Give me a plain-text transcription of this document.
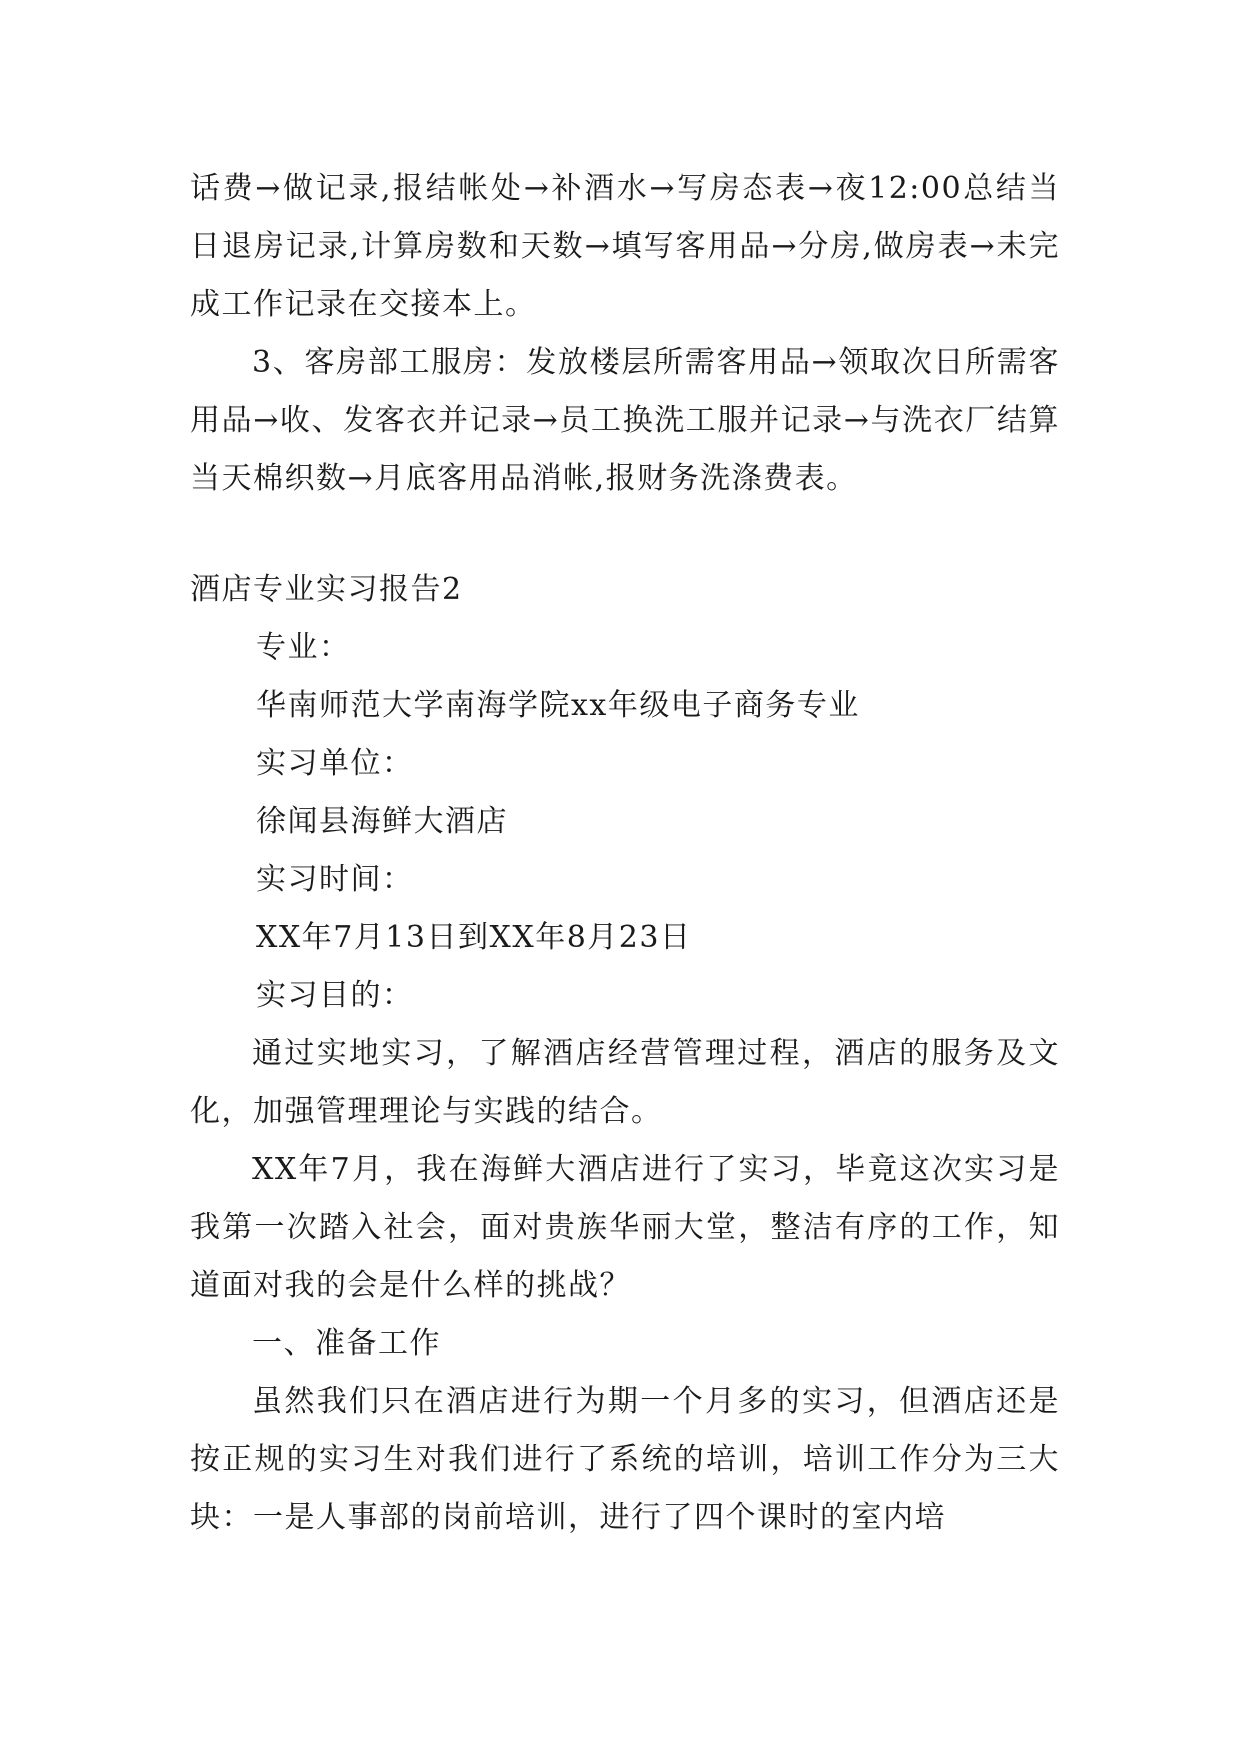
话费→做记录,报结帐处→补酒水→写房态表→夜12:00总结当日退房记录,计算房数和天数→填写客用品→分房,做房表→未完成工作记录在交接本上。

3、客房部工服房：发放楼层所需客用品→领取次日所需客用品→收、发客衣并记录→员工换洗工服并记录→与洗衣厂结算当天棉织数→月底客用品消帐,报财务洗涤费表。

酒店专业实习报告2

专业：

华南师范大学南海学院xx年级电子商务专业

实习单位：

徐闻县海鲜大酒店

实习时间：

XX年7月13日到XX年8月23日

实习目的：

通过实地实习，了解酒店经营管理过程，酒店的服务及文化，加强管理理论与实践的结合。

XX年7月，我在海鲜大酒店进行了实习，毕竟这次实习是我第一次踏入社会，面对贵族华丽大堂，整洁有序的工作，知道面对我的会是什么样的挑战？

一、准备工作

虽然我们只在酒店进行为期一个月多的实习，但酒店还是按正规的实习生对我们进行了系统的培训，培训工作分为三大块：一是人事部的岗前培训，进行了四个课时的室内培
